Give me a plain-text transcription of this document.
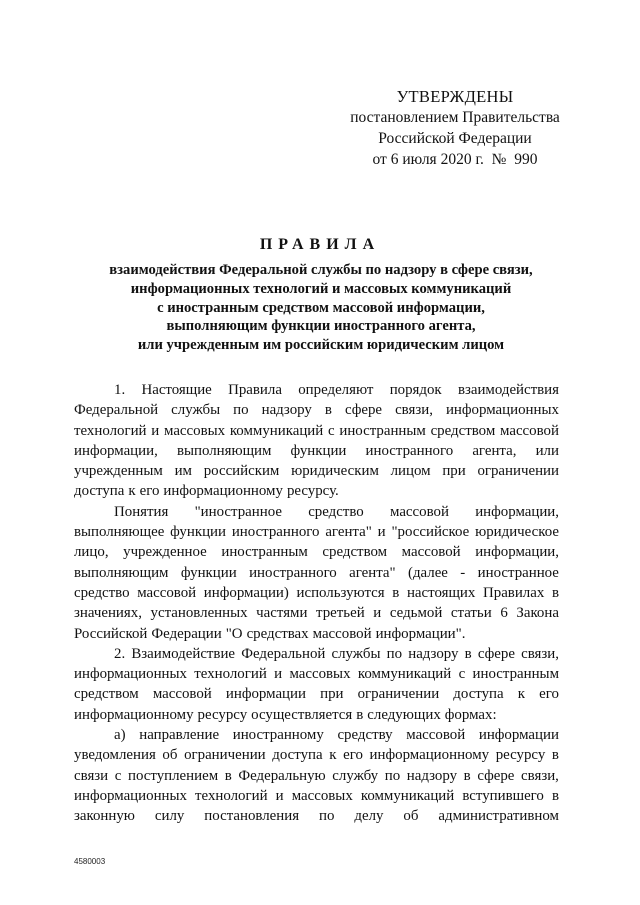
УТВЕРЖДЕНЫ
постановлением Правительства
Российской Федерации
от 6 июля 2020 г. № 990
ПРАВИЛА
взаимодействия Федеральной службы по надзору в сфере связи,
информационных технологий и массовых коммуникаций
с иностранным средством массовой информации,
выполняющим функции иностранного агента,
или учрежденным им российским юридическим лицом
1. Настоящие Правила определяют порядок взаимодействия
Федеральной службы по надзору в сфере связи, информационных
технологий и массовых коммуникаций с иностранным средством массовой
информации, выполняющим функции иностранного агента, или
учрежденным им российским юридическим лицом при ограничении
доступа к его информационному ресурсу.
Понятия "иностранное средство массовой информации,
выполняющее функции иностранного агента" и "российское юридическое
лицо, учрежденное иностранным средством массовой информации,
выполняющим функции иностранного агента" (далее - иностранное
средство массовой информации) используются в настоящих Правилах в
значениях, установленных частями третьей и седьмой статьи 6 Закона
Российской Федерации "О средствах массовой информации".
2. Взаимодействие Федеральной службы по надзору в сфере связи,
информационных технологий и массовых коммуникаций с иностранным
средством массовой информации при ограничении доступа к его
информационному ресурсу осуществляется в следующих формах:
а) направление иностранному средству массовой информации
уведомления об ограничении доступа к его информационному ресурсу в
связи с поступлением в Федеральную службу по надзору в сфере связи,
информационных технологий и массовых коммуникаций вступившего в
законную силу постановления по делу об административном
4580003
